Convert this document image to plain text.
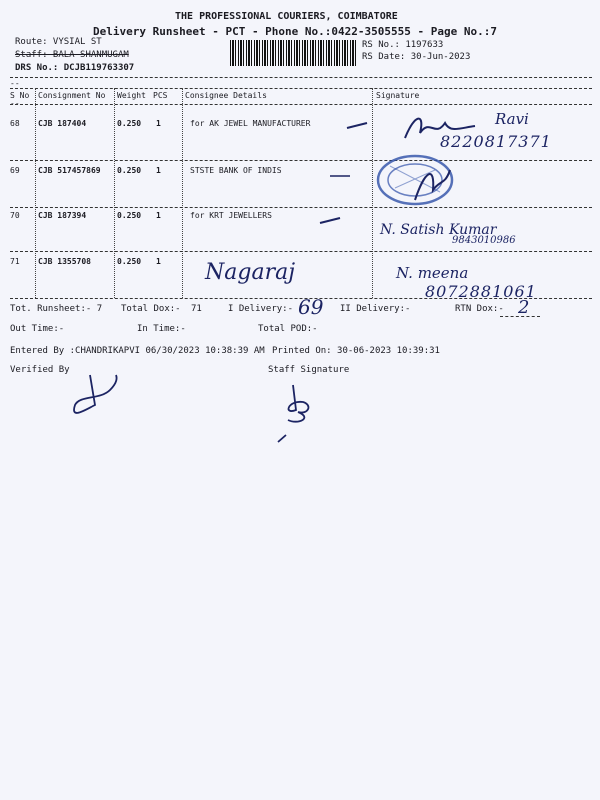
THE PROFESSIONAL COURIERS, COIMBATORE
Delivery Runsheet - PCT - Phone No.:0422-3505555 - Page No.:7
Route: VYSIAL ST
Staff: BALA SHANMUGAM
DRS No.: DCJB119763307
RS No.: 1197633
RS Date: 30-Jun-2023
--
S No Consignment No Weight PCS Consignee Details	Signature
--
68 CJB 187404	0.250 1	for AK JEWEL MANUFACTURER	Ravi
8220817371
69 CJB 517457869 0.250 1	STSTE BANK OF INDIS
70 CJB 187394	0.250 1	for KRT JEWELLERS
N. Satish Kumar
9843010986
71 CJB 1355708	0.250 1 Nagaraj	N. meena
8072881061
Tot. Runsheet:- 7 Total Dox:- 71	I Delivery:- 69 II Delivery:-	RTN Dox:- 2
Out Time:-	In Time:-	Total POD:-
Entered By :CHANDRIKAPVI 06/30/2023 10:38:39 AM Printed On: 30-06-2023 10:39:31
Verified By	Staff Signature
